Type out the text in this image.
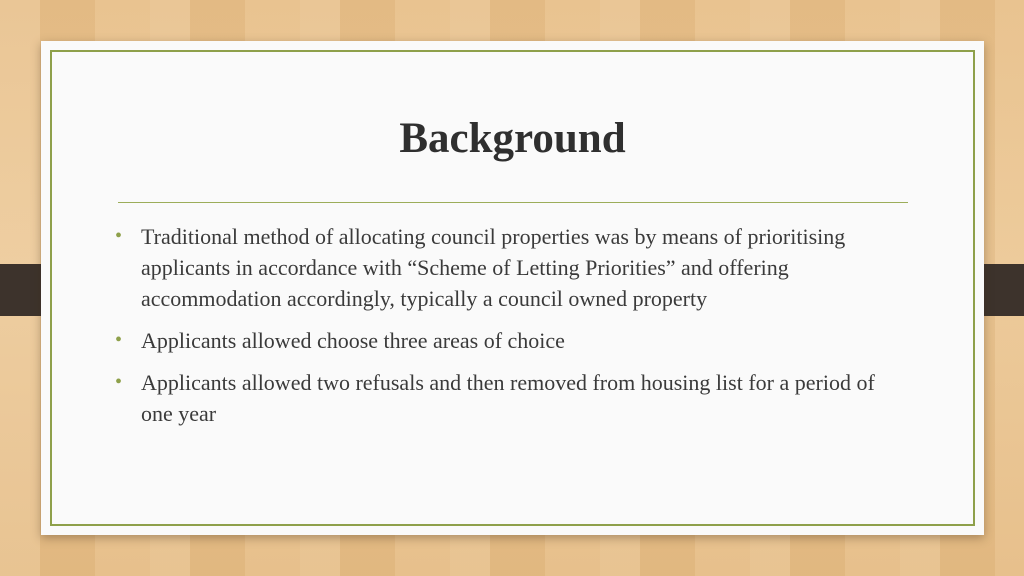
Background
• Traditional method of allocating council properties was by means of prioritising applicants in accordance with “Scheme of Letting Priorities” and offering accommodation accordingly, typically a council owned property
• Applicants allowed choose three areas of choice
• Applicants allowed two refusals and then removed from housing list for a period of one year
